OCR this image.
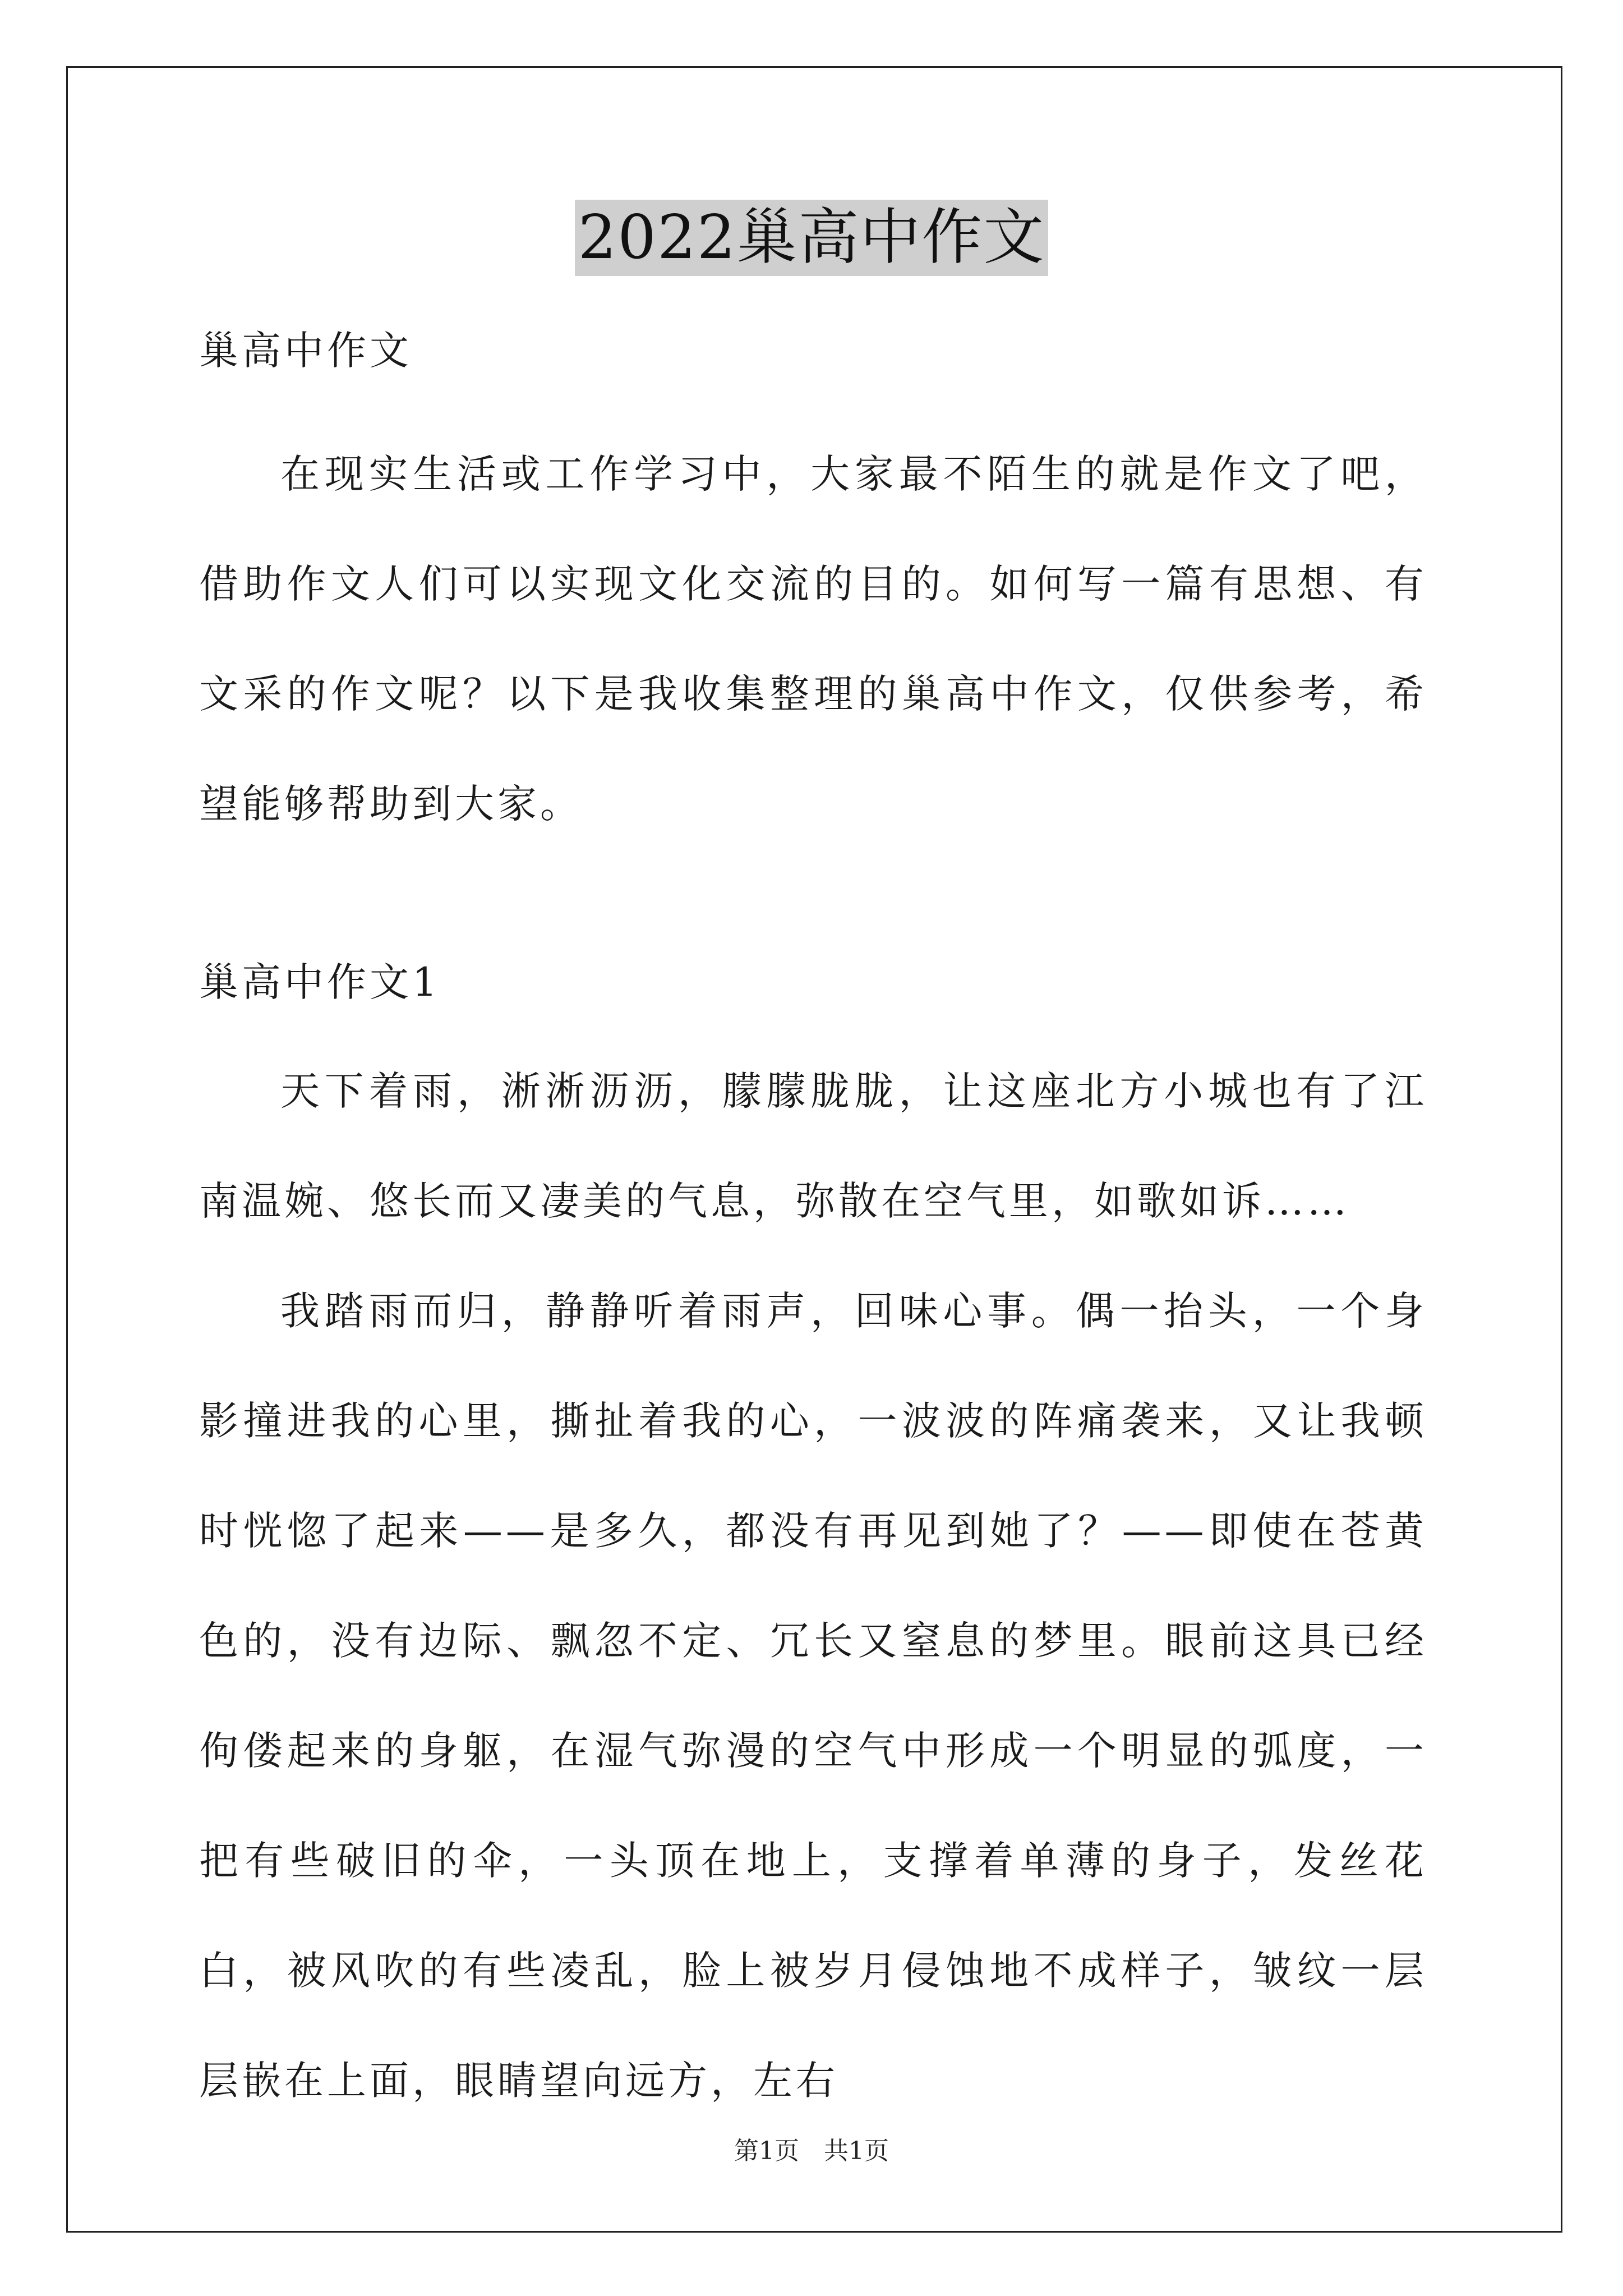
2022巢高中作文

巢高中作文

在现实生活或工作学习中，大家最不陌生的就是作文了吧，借助作文人们可以实现文化交流的目的。如何写一篇有思想、有文采的作文呢？以下是我收集整理的巢高中作文，仅供参考，希望能够帮助到大家。

巢高中作文1

天下着雨，淅淅沥沥，朦朦胧胧，让这座北方小城也有了江南温婉、悠长而又凄美的气息，弥散在空气里，如歌如诉……

我踏雨而归，静静听着雨声，回味心事。偶一抬头，一个身影撞进我的心里，撕扯着我的心，一波波的阵痛袭来，又让我顿时恍惚了起来——是多久，都没有再见到她了？——即使在苍黄色的，没有边际、飘忽不定、冗长又窒息的梦里。眼前这具已经佝偻起来的身躯，在湿气弥漫的空气中形成一个明显的弧度，一把有些破旧的伞，一头顶在地上，支撑着单薄的身子，发丝花白，被风吹的有些凌乱，脸上被岁月侵蚀地不成样子，皱纹一层层嵌在上面，眼睛望向远方，左右

第1页　共1页
